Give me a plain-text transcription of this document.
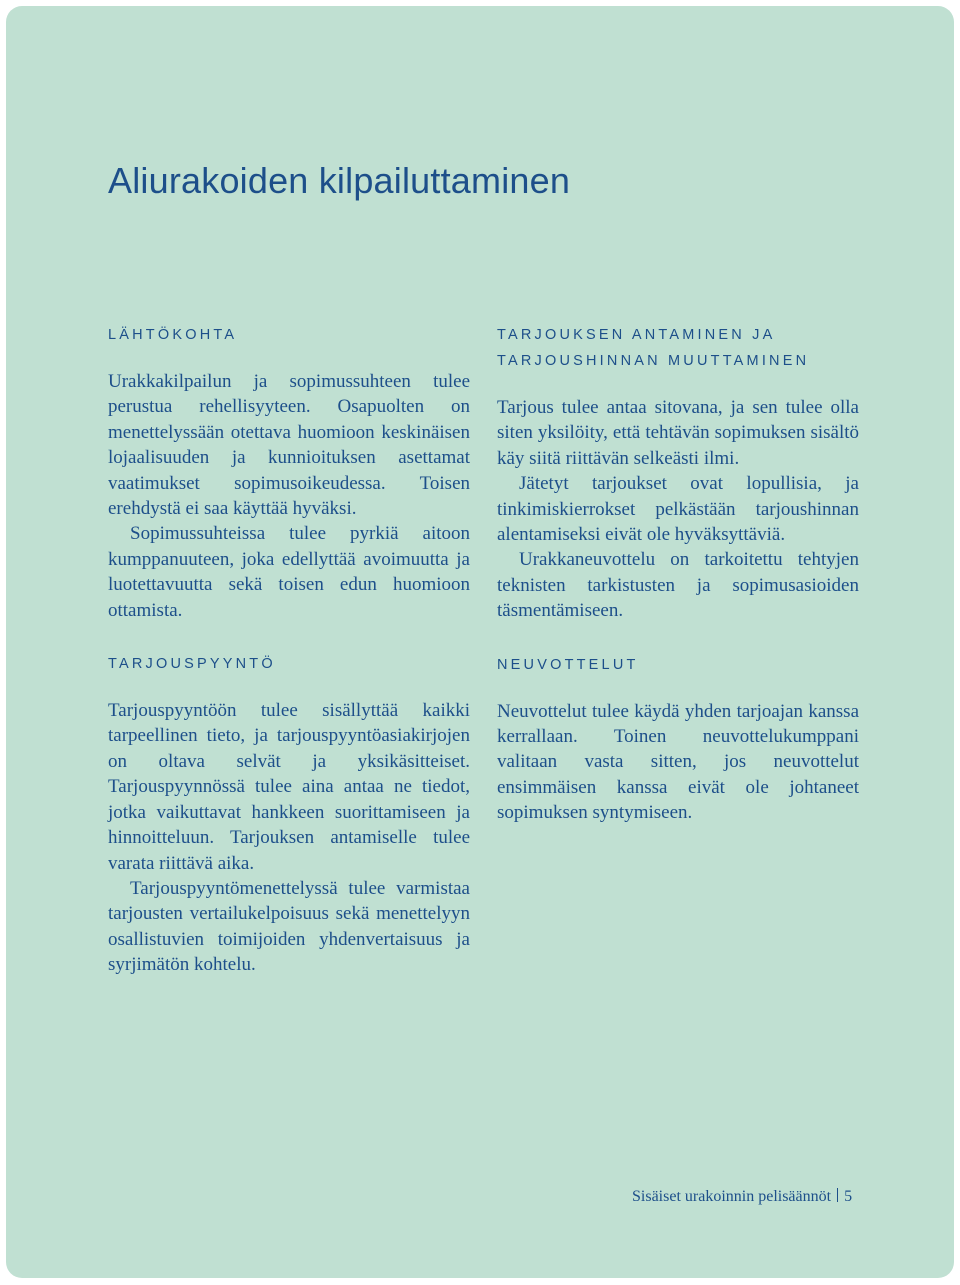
Aliurakoiden kilpailuttaminen

LÄHTÖKOHTA

Urakkakilpailun ja sopimussuhteen tulee perustua rehellisyyteen. Osapuolten on menettelyssään otettava huomioon keskinäisen lojaalisuuden ja kunnioituksen asettamat vaatimukset sopimusoikeudessa. Toisen erehdystä ei saa käyttää hyväksi.

Sopimussuhteissa tulee pyrkiä aitoon kumppanuuteen, joka edellyttää avoimuutta ja luotettavuutta sekä toisen edun huomioon ottamista.

TARJOUSPYYNTÖ

Tarjouspyyntöön tulee sisällyttää kaikki tarpeellinen tieto, ja tarjouspyyntöasiakirjojen on oltava selvät ja yksikäsitteiset. Tarjouspyynnössä tulee aina antaa ne tiedot, jotka vaikuttavat hankkeen suorittamiseen ja hinnoitteluun. Tarjouksen antamiselle tulee varata riittävä aika.

Tarjouspyyntömenettelyssä tulee varmistaa tarjousten vertailukelpoisuus sekä menettelyyn osallistuvien toimijoiden yhdenvertaisuus ja syrjimätön kohtelu.

TARJOUKSEN ANTAMINEN JA
TARJOUSHINNAN MUUTTAMINEN

Tarjous tulee antaa sitovana, ja sen tulee olla siten yksilöity, että tehtävän sopimuksen sisältö käy siitä riittävän selkeästi ilmi.

Jätetyt tarjoukset ovat lopullisia, ja tinkimiskierrokset pelkästään tarjoushinnan alentamiseksi eivät ole hyväksyttäviä.

Urakkaneuvottelu on tarkoitettu tehtyjen teknisten tarkistusten ja sopimusasioiden täsmentämiseen.

NEUVOTTELUT

Neuvottelut tulee käydä yhden tarjoajan kanssa kerrallaan. Toinen neuvottelukumppani valitaan vasta sitten, jos neuvottelut ensimmäisen kanssa eivät ole johtaneet sopimuksen syntymiseen.

Sisäiset urakoinnin pelisäännöt 5
